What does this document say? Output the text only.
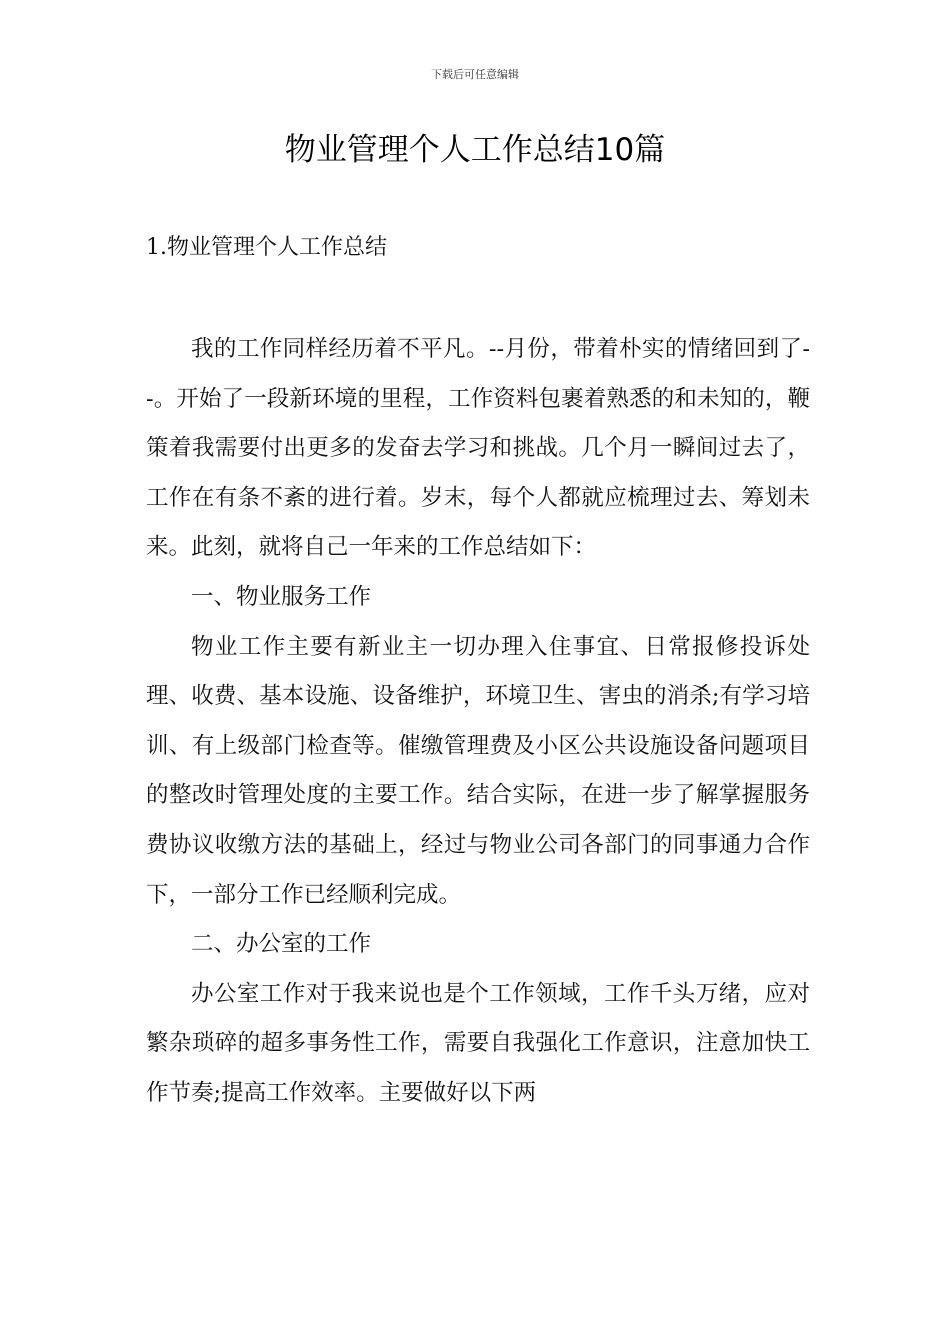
下载后可任意编辑
物业管理个人工作总结10篇
1.物业管理个人工作总结

我的工作同样经历着不平凡。--月份，带着朴实的情绪回到了--。开始了一段新环境的里程，工作资料包裹着熟悉的和未知的，鞭策着我需要付出更多的发奋去学习和挑战。几个月一瞬间过去了，工作在有条不紊的进行着。岁末，每个人都就应梳理过去、筹划未来。此刻，就将自己一年来的工作总结如下：

一、物业服务工作

物业工作主要有新业主一切办理入住事宜、日常报修投诉处理、收费、基本设施、设备维护，环境卫生、害虫的消杀;有学习培训、有上级部门检查等。催缴管理费及小区公共设施设备问题项目的整改时管理处度的主要工作。结合实际，在进一步了解掌握服务费协议收缴方法的基础上，经过与物业公司各部门的同事通力合作下，一部分工作已经顺利完成。

二、办公室的工作

办公室工作对于我来说也是个工作领域，工作千头万绪，应对繁杂琐碎的超多事务性工作，需要自我强化工作意识，注意加快工作节奏;提高工作效率。主要做好以下两
